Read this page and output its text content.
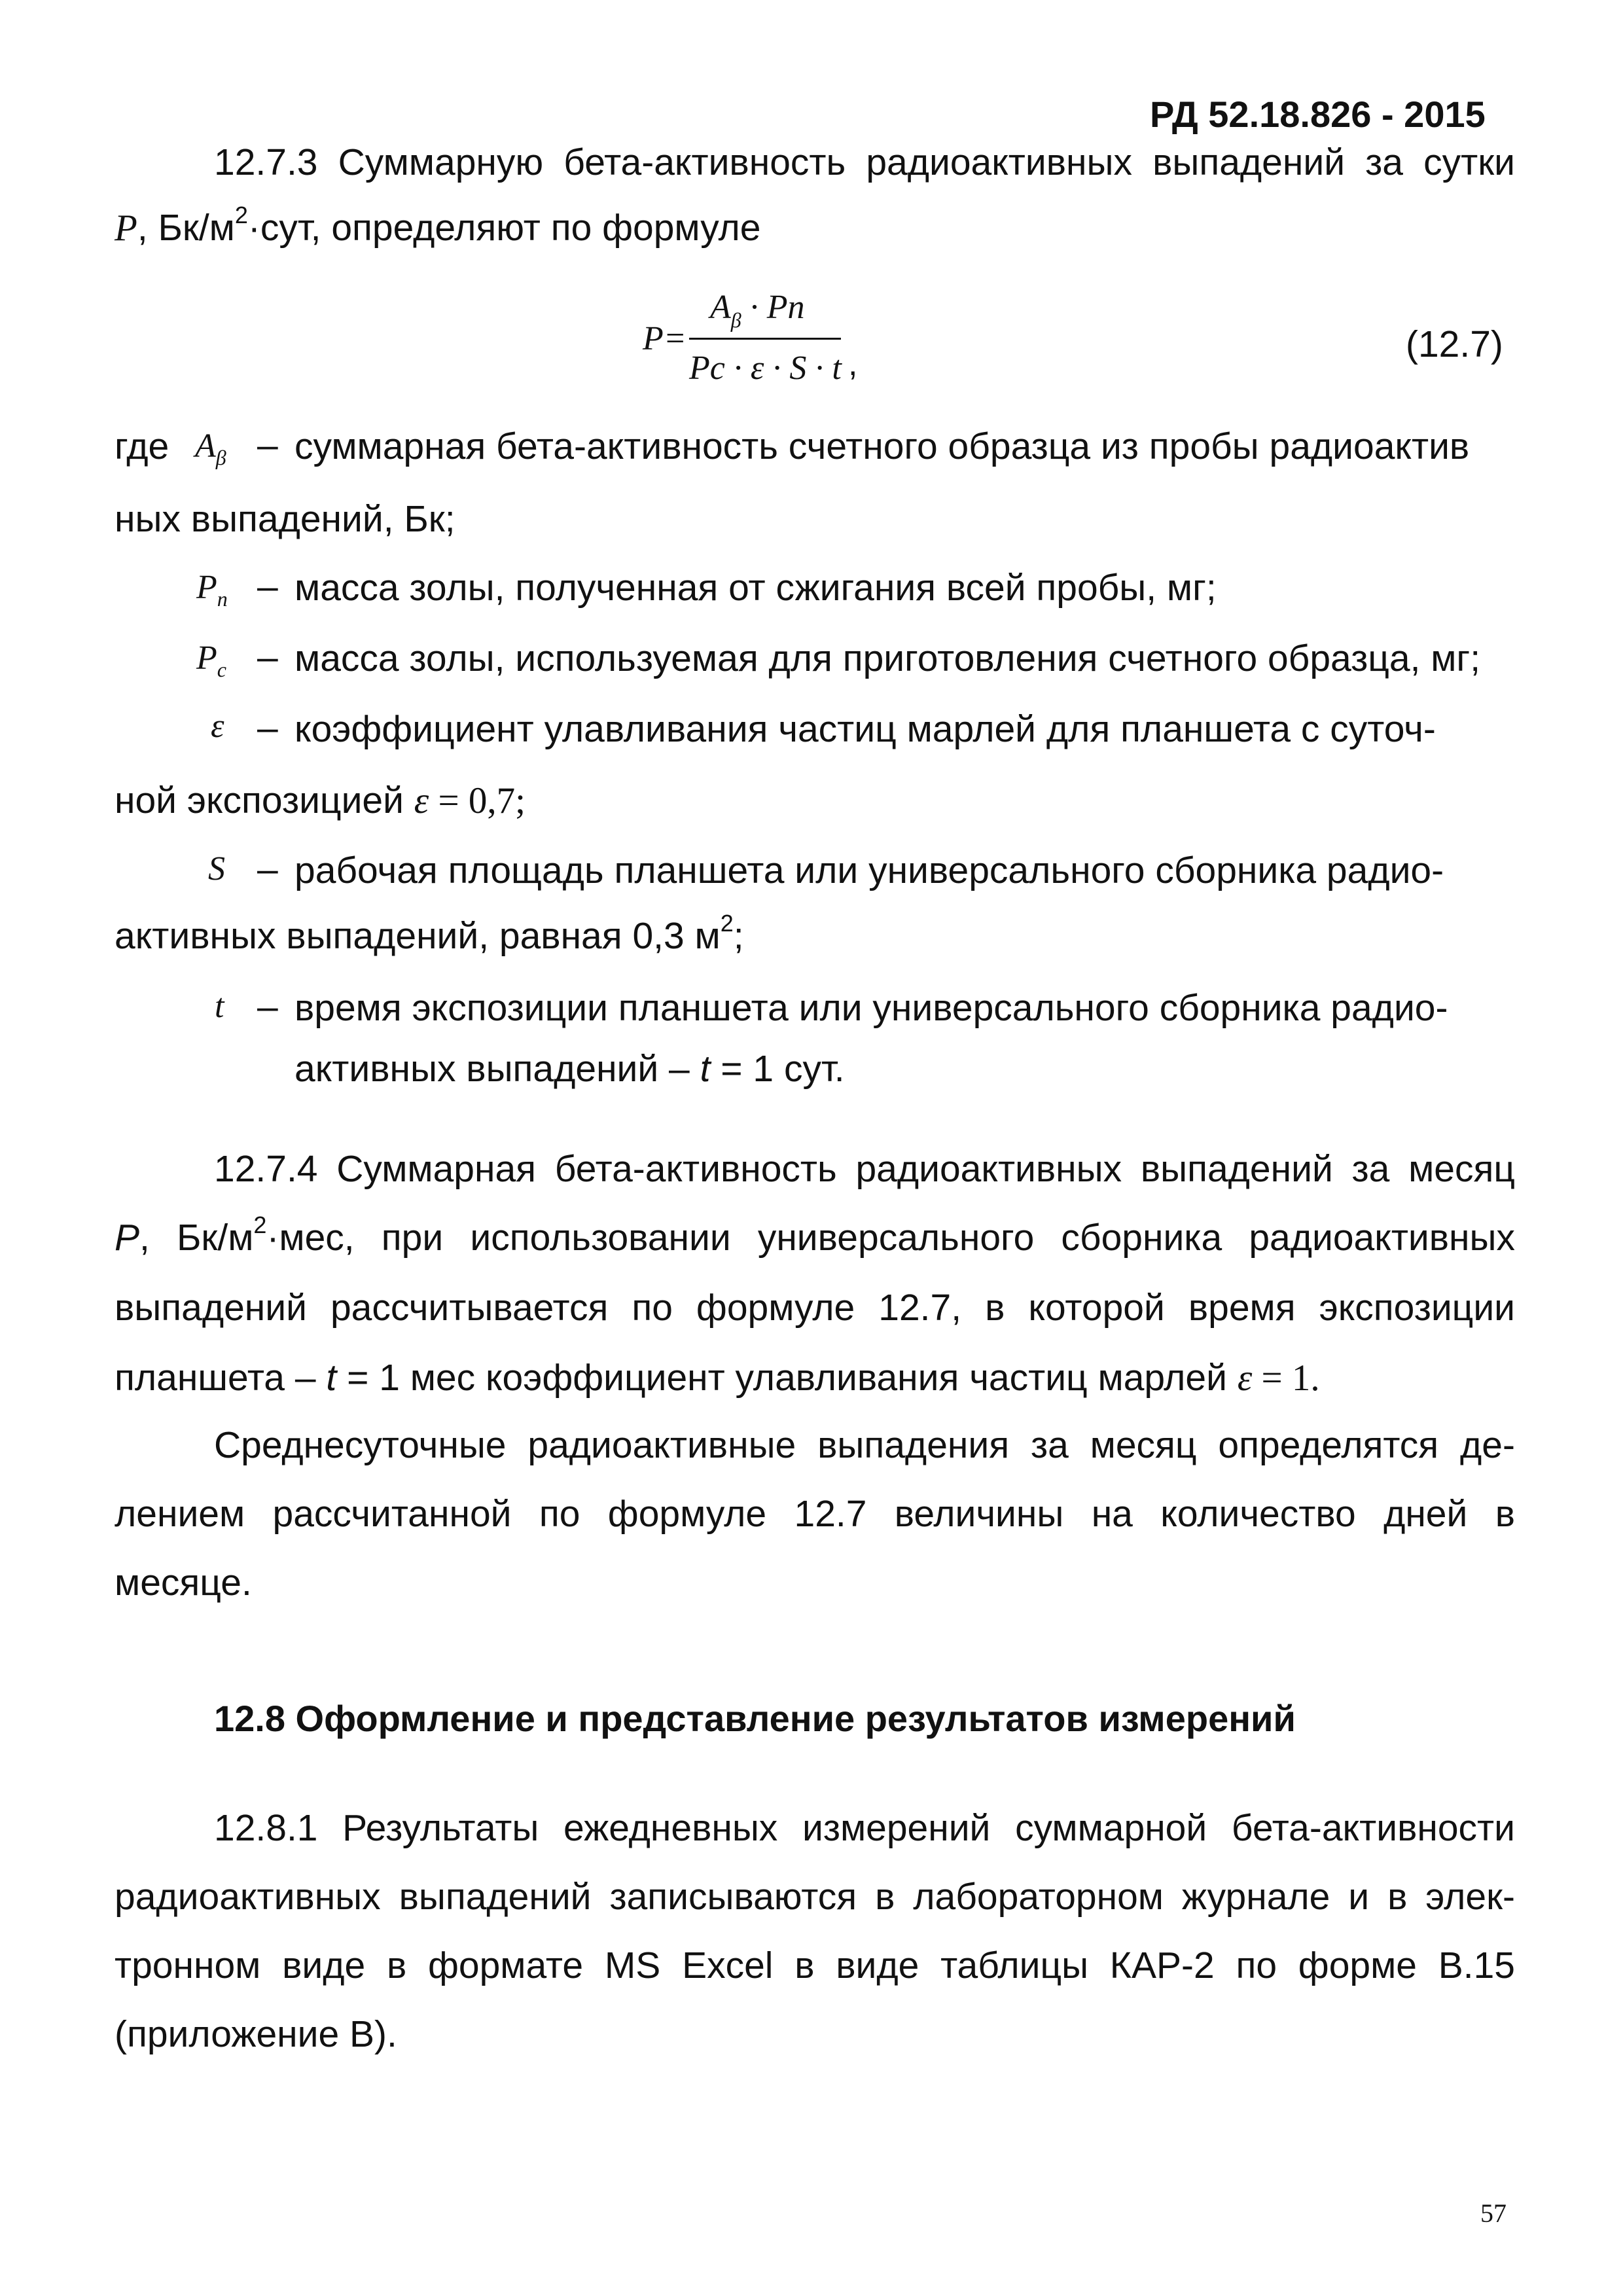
РД 52.18.826 - 2015
12.7.3 Суммарную бета-активность радиоактивных выпадений за сутки
P, $Бк/м^2\cdot сут$, определяют по формуле
P=
$A_\beta \cdot Pn$
Pc · ε · S · t ,	(12.7)
где $A_\beta$ – суммарная бета-активность счетного образца из пробы радиоактив
ных выпадений, Бк;
$P_n$ – масса золы, полученная от сжигания всей пробы, мг;
$P_c$ – масса золы, используемая для приготовления счетного образца, мг;
ε – коэффициент улавливания частиц марлей для планшета с суточ-
ной экспозицией ε = 0,7;
S – рабочая площадь планшета или универсального сборника радио-
активных выпадений, равная 0,3 $м^2$;
t – время экспозиции планшета или универсального сборника радио-
активных выпадений – t = 1 сут.
12.7.4 Суммарная бета-активность радиоактивных выпадений за месяц
P, $Бк/м^2\cdot мес$, при использовании универсального сборника радиоактивных
выпадений рассчитывается по формуле 12.7, в которой время экспозиции
планшета – t = 1 мес коэффициент улавливания частиц марлей ε = 1.
Среднесуточные радиоактивные выпадения за месяц определятся де-
лением рассчитанной по формуле 12.7 величины на количество дней в
месяце.
12.8 Оформление и представление результатов измерений
12.8.1 Результаты ежедневных измерений суммарной бета-активности
радиоактивных выпадений записываются в лабораторном журнале и в элек-
тронном виде в формате MS Excel в виде таблицы КАР-2 по форме В.15
(приложение В).
57
